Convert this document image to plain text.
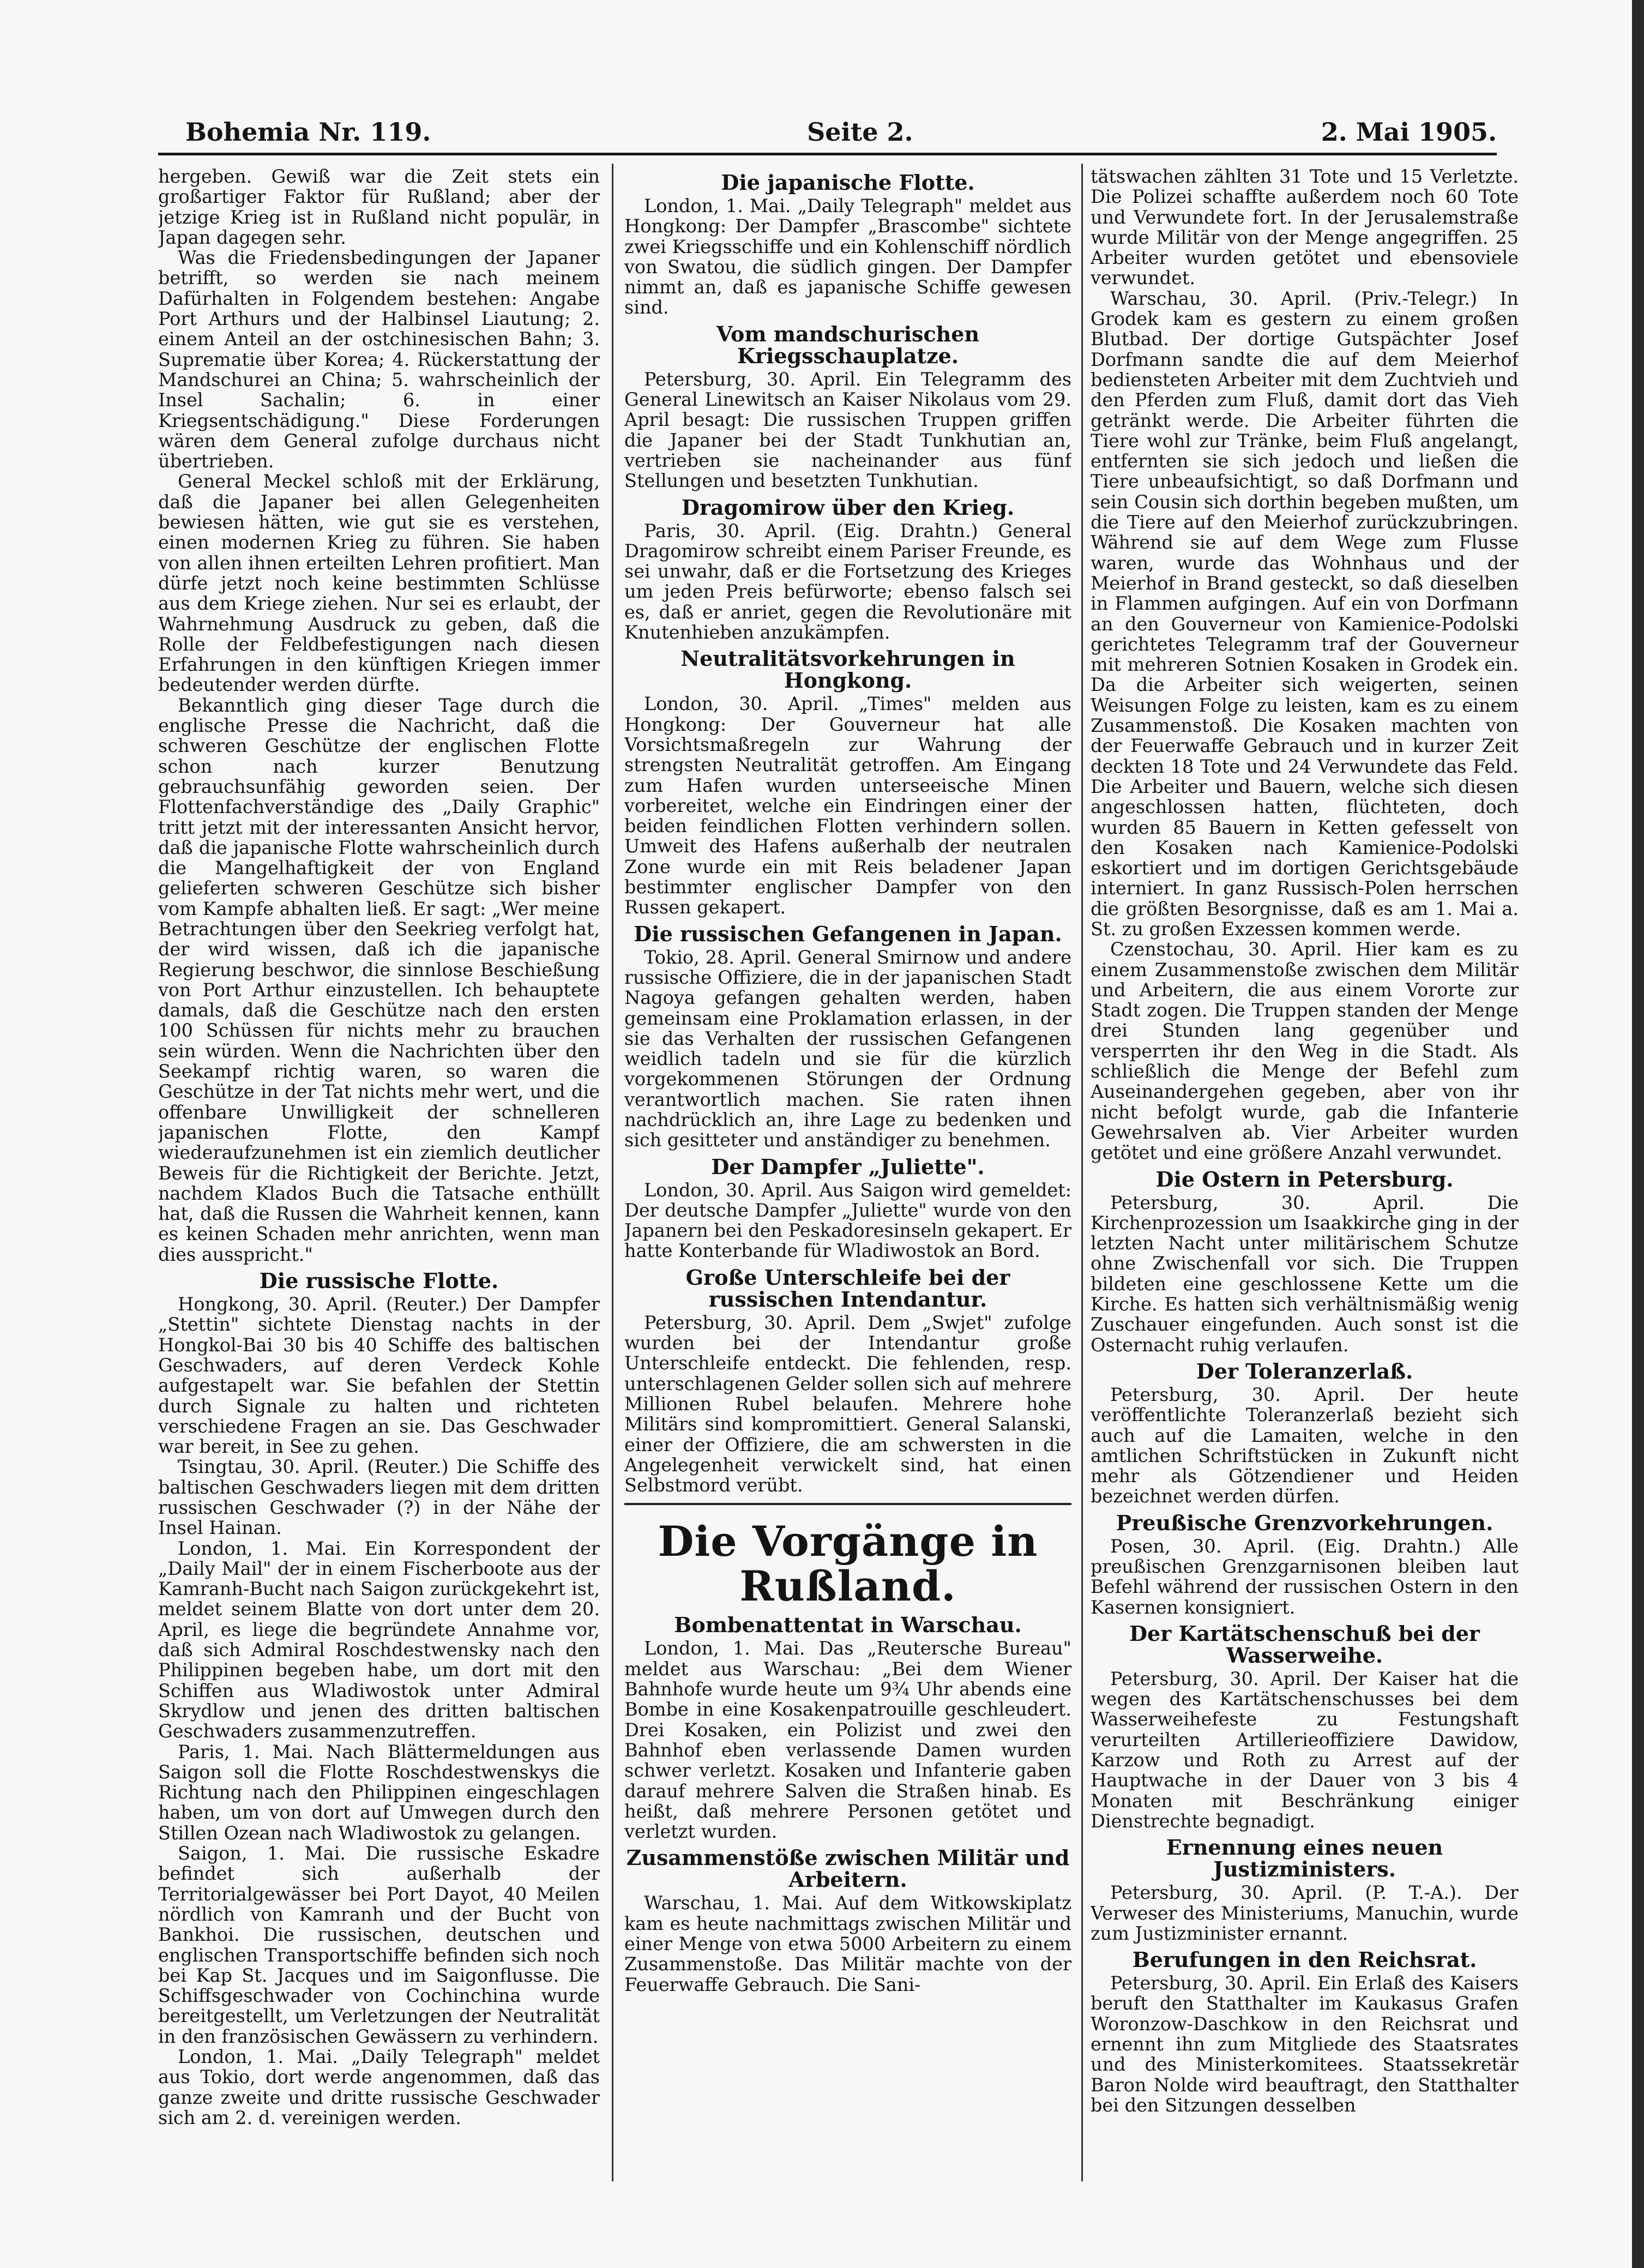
Bohemia Nr. 119.	Seite 2.	2. Mai 1905.

hergeben. Gewiß war die Zeit stets ein großartiger Faktor für Rußland; aber der jetzige Krieg ist in Rußland nicht populär, in Japan dagegen sehr.

Was die Friedensbedingungen der Japaner betrifft, so werden sie nach meinem Dafürhalten in Folgendem bestehen: Angabe Port Arthurs und der Halbinsel Liautung; 2. einem Anteil an der ostchinesischen Bahn; 3. Suprematie über Korea; 4. Rückerstattung der Mandschurei an China; 5. wahrscheinlich der Insel Sachalin; 6. in einer Kriegsentschädigung." Diese Forderungen wären dem General zufolge durchaus nicht übertrieben.

General Meckel schloß mit der Erklärung, daß die Japaner bei allen Gelegenheiten bewiesen hätten, wie gut sie es verstehen, einen modernen Krieg zu führen. Sie haben von allen ihnen erteilten Lehren profitiert. Man dürfe jetzt noch keine bestimmten Schlüsse aus dem Kriege ziehen. Nur sei es erlaubt, der Wahrnehmung Ausdruck zu geben, daß die Rolle der Feldbefestigungen nach diesen Erfahrungen in den künftigen Kriegen immer bedeutender werden dürfte.

Bekanntlich ging dieser Tage durch die englische Presse die Nachricht, daß die schweren Geschütze der englischen Flotte schon nach kurzer Benutzung gebrauchsunfähig geworden seien. Der Flottenfachverständige des „Daily Graphic" tritt jetzt mit der interessanten Ansicht hervor, daß die japanische Flotte wahrscheinlich durch die Mangelhaftigkeit der von England gelieferten schweren Geschütze sich bisher vom Kampfe abhalten ließ. Er sagt: „Wer meine Betrachtungen über den Seekrieg verfolgt hat, der wird wissen, daß ich die japanische Regierung beschwor, die sinnlose Beschießung von Port Arthur einzustellen. Ich behauptete damals, daß die Geschütze nach den ersten 100 Schüssen für nichts mehr zu brauchen sein würden. Wenn die Nachrichten über den Seekampf richtig waren, so waren die Geschütze in der Tat nichts mehr wert, und die offenbare Unwilligkeit der schnelleren japanischen Flotte, den Kampf wiederaufzunehmen ist ein ziemlich deutlicher Beweis für die Richtigkeit der Berichte. Jetzt, nachdem Klados Buch die Tatsache enthüllt hat, daß die Russen die Wahrheit kennen, kann es keinen Schaden mehr anrichten, wenn man dies ausspricht."

Die russische Flotte.

Hongkong, 30. April. (Reuter.) Der Dampfer „Stettin" sichtete Dienstag nachts in der Hongkol-Bai 30 bis 40 Schiffe des baltischen Geschwaders, auf deren Verdeck Kohle aufgestapelt war. Sie befahlen der Stettin durch Signale zu halten und richteten verschiedene Fragen an sie. Das Geschwader war bereit, in See zu gehen.

Tsingtau, 30. April. (Reuter.) Die Schiffe des baltischen Geschwaders liegen mit dem dritten russischen Geschwader (?) in der Nähe der Insel Hainan.

London, 1. Mai. Ein Korrespondent der „Daily Mail" der in einem Fischerboote aus der Kamranh-Bucht nach Saigon zurückgekehrt ist, meldet seinem Blatte von dort unter dem 20. April, es liege die begründete Annahme vor, daß sich Admiral Roschdestwensky nach den Philippinen begeben habe, um dort mit den Schiffen aus Wladiwostok unter Admiral Skrydlow und jenen des dritten baltischen Geschwaders zusammenzutreffen.

Paris, 1. Mai. Nach Blättermeldungen aus Saigon soll die Flotte Roschdestwenskys die Richtung nach den Philippinen eingeschlagen haben, um von dort auf Umwegen durch den Stillen Ozean nach Wladiwostok zu gelangen.

Saigon, 1. Mai. Die russische Eskadre befindet sich außerhalb der Territorialgewässer bei Port Dayot, 40 Meilen nördlich von Kamranh und der Bucht von Bankhoi. Die russischen, deutschen und englischen Transportschiffe befinden sich noch bei Kap St. Jacques und im Saigonflusse. Die Schiffsgeschwader von Cochinchina wurde bereitgestellt, um Verletzungen der Neutralität in den französischen Gewässern zu verhindern.

London, 1. Mai. „Daily Telegraph" meldet aus Tokio, dort werde angenommen, daß das ganze zweite und dritte russische Geschwader sich am 2. d. vereinigen werden.

Die japanische Flotte.

London, 1. Mai. „Daily Telegraph" meldet aus Hongkong: Der Dampfer „Brascombe" sichtete zwei Kriegsschiffe und ein Kohlenschiff nördlich von Swatou, die südlich gingen. Der Dampfer nimmt an, daß es japanische Schiffe gewesen sind.

Vom mandschurischen Kriegsschauplatze.

Petersburg, 30. April. Ein Telegramm des General Linewitsch an Kaiser Nikolaus vom 29. April besagt: Die russischen Truppen griffen die Japaner bei der Stadt Tunkhutian an, vertrieben sie nacheinander aus fünf Stellungen und besetzten Tunkhutian.

Dragomirow über den Krieg.

Paris, 30. April. (Eig. Drahtn.) General Dragomirow schreibt einem Pariser Freunde, es sei unwahr, daß er die Fortsetzung des Krieges um jeden Preis befürworte; ebenso falsch sei es, daß er anriet, gegen die Revolutionäre mit Knutenhieben anzukämpfen.

Neutralitätsvorkehrungen in Hongkong.

London, 30. April. „Times" melden aus Hongkong: Der Gouverneur hat alle Vorsichtsmaßregeln zur Wahrung der strengsten Neutralität getroffen. Am Eingang zum Hafen wurden unterseeische Minen vorbereitet, welche ein Eindringen einer der beiden feindlichen Flotten verhindern sollen. Umweit des Hafens außerhalb der neutralen Zone wurde ein mit Reis beladener Japan bestimmter englischer Dampfer von den Russen gekapert.

Die russischen Gefangenen in Japan.

Tokio, 28. April. General Smirnow und andere russische Offiziere, die in der japanischen Stadt Nagoya gefangen gehalten werden, haben gemeinsam eine Proklamation erlassen, in der sie das Verhalten der russischen Gefangenen weidlich tadeln und sie für die kürzlich vorgekommenen Störungen der Ordnung verantwortlich machen. Sie raten ihnen nachdrücklich an, ihre Lage zu bedenken und sich gesitteter und anständiger zu benehmen.

Der Dampfer „Juliette".

London, 30. April. Aus Saigon wird gemeldet: Der deutsche Dampfer „Juliette" wurde von den Japanern bei den Peskadoresinseln gekapert. Er hatte Konterbande für Wladiwostok an Bord.

Große Unterschleife bei der russischen Intendantur.

Petersburg, 30. April. Dem „Swjet" zufolge wurden bei der Intendantur große Unterschleife entdeckt. Die fehlenden, resp. unterschlagenen Gelder sollen sich auf mehrere Millionen Rubel belaufen. Mehrere hohe Militärs sind kompromittiert. General Salanski, einer der Offiziere, die am schwersten in die Angelegenheit verwickelt sind, hat einen Selbstmord verübt.

Die Vorgänge in Rußland.
Bombenattentat in Warschau.

London, 1. Mai. Das „Reutersche Bureau" meldet aus Warschau: „Bei dem Wiener Bahnhofe wurde heute um 9¾ Uhr abends eine Bombe in eine Kosakenpatrouille geschleudert. Drei Kosaken, ein Polizist und zwei den Bahnhof eben verlassende Damen wurden schwer verletzt. Kosaken und Infanterie gaben darauf mehrere Salven die Straßen hinab. Es heißt, daß mehrere Personen getötet und verletzt wurden.

Zusammenstöße zwischen Militär und Arbeitern.

Warschau, 1. Mai. Auf dem Witkowskiplatz kam es heute nachmittags zwischen Militär und einer Menge von etwa 5000 Arbeitern zu einem Zusammenstoße. Das Militär machte von der Feuerwaffe Gebrauch. Die Sani-

tätswachen zählten 31 Tote und 15 Verletzte. Die Polizei schaffte außerdem noch 60 Tote und Verwundete fort. In der Jerusalemstraße wurde Militär von der Menge angegriffen. 25 Arbeiter wurden getötet und ebensoviele verwundet.

Warschau, 30. April. (Priv.-Telegr.) In Grodek kam es gestern zu einem großen Blutbad. Der dortige Gutspächter Josef Dorfmann sandte die auf dem Meierhof bediensteten Arbeiter mit dem Zuchtvieh und den Pferden zum Fluß, damit dort das Vieh getränkt werde. Die Arbeiter führten die Tiere wohl zur Tränke, beim Fluß angelangt, entfernten sie sich jedoch und ließen die Tiere unbeaufsichtigt, so daß Dorfmann und sein Cousin sich dorthin begeben mußten, um die Tiere auf den Meierhof zurückzubringen. Während sie auf dem Wege zum Flusse waren, wurde das Wohnhaus und der Meierhof in Brand gesteckt, so daß dieselben in Flammen aufgingen. Auf ein von Dorfmann an den Gouverneur von Kamienice-Podolski gerichtetes Telegramm traf der Gouverneur mit mehreren Sotnien Kosaken in Grodek ein. Da die Arbeiter sich weigerten, seinen Weisungen Folge zu leisten, kam es zu einem Zusammenstoß. Die Kosaken machten von der Feuerwaffe Gebrauch und in kurzer Zeit deckten 18 Tote und 24 Verwundete das Feld. Die Arbeiter und Bauern, welche sich diesen angeschlossen hatten, flüchteten, doch wurden 85 Bauern in Ketten gefesselt von den Kosaken nach Kamienice-Podolski eskortiert und im dortigen Gerichtsgebäude interniert. In ganz Russisch-Polen herrschen die größten Besorgnisse, daß es am 1. Mai a. St. zu großen Exzessen kommen werde.

Czenstochau, 30. April. Hier kam es zu einem Zusammenstoße zwischen dem Militär und Arbeitern, die aus einem Vororte zur Stadt zogen. Die Truppen standen der Menge drei Stunden lang gegenüber und versperrten ihr den Weg in die Stadt. Als schließlich die Menge der Befehl zum Auseinandergehen gegeben, aber von ihr nicht befolgt wurde, gab die Infanterie Gewehrsalven ab. Vier Arbeiter wurden getötet und eine größere Anzahl verwundet.

Die Ostern in Petersburg.

Petersburg, 30. April. Die Kirchenprozession um Isaakkirche ging in der letzten Nacht unter militärischem Schutze ohne Zwischenfall vor sich. Die Truppen bildeten eine geschlossene Kette um die Kirche. Es hatten sich verhältnismäßig wenig Zuschauer eingefunden. Auch sonst ist die Osternacht ruhig verlaufen.

Der Toleranzerlaß.

Petersburg, 30. April. Der heute veröffentlichte Toleranzerlaß bezieht sich auch auf die Lamaiten, welche in den amtlichen Schriftstücken in Zukunft nicht mehr als Götzendiener und Heiden bezeichnet werden dürfen.

Preußische Grenzvorkehrungen.

Posen, 30. April. (Eig. Drahtn.) Alle preußischen Grenzgarnisonen bleiben laut Befehl während der russischen Ostern in den Kasernen konsigniert.

Der Kartätschenschuß bei der Wasserweihe.

Petersburg, 30. April. Der Kaiser hat die wegen des Kartätschenschusses bei dem Wasserweihefeste zu Festungshaft verurteilten Artillerieoffiziere Dawidow, Karzow und Roth zu Arrest auf der Hauptwache in der Dauer von 3 bis 4 Monaten mit Beschränkung einiger Dienstrechte begnadigt.

Ernennung eines neuen Justizministers.

Petersburg, 30. April. (P. T.-A.). Der Verweser des Ministeriums, Manuchin, wurde zum Justizminister ernannt.

Berufungen in den Reichsrat.

Petersburg, 30. April. Ein Erlaß des Kaisers beruft den Statthalter im Kaukasus Grafen Woronzow-Daschkow in den Reichsrat und ernennt ihn zum Mitgliede des Staatsrates und des Ministerkomitees. Staatssekretär Baron Nolde wird beauftragt, den Statthalter bei den Sitzungen desselben
